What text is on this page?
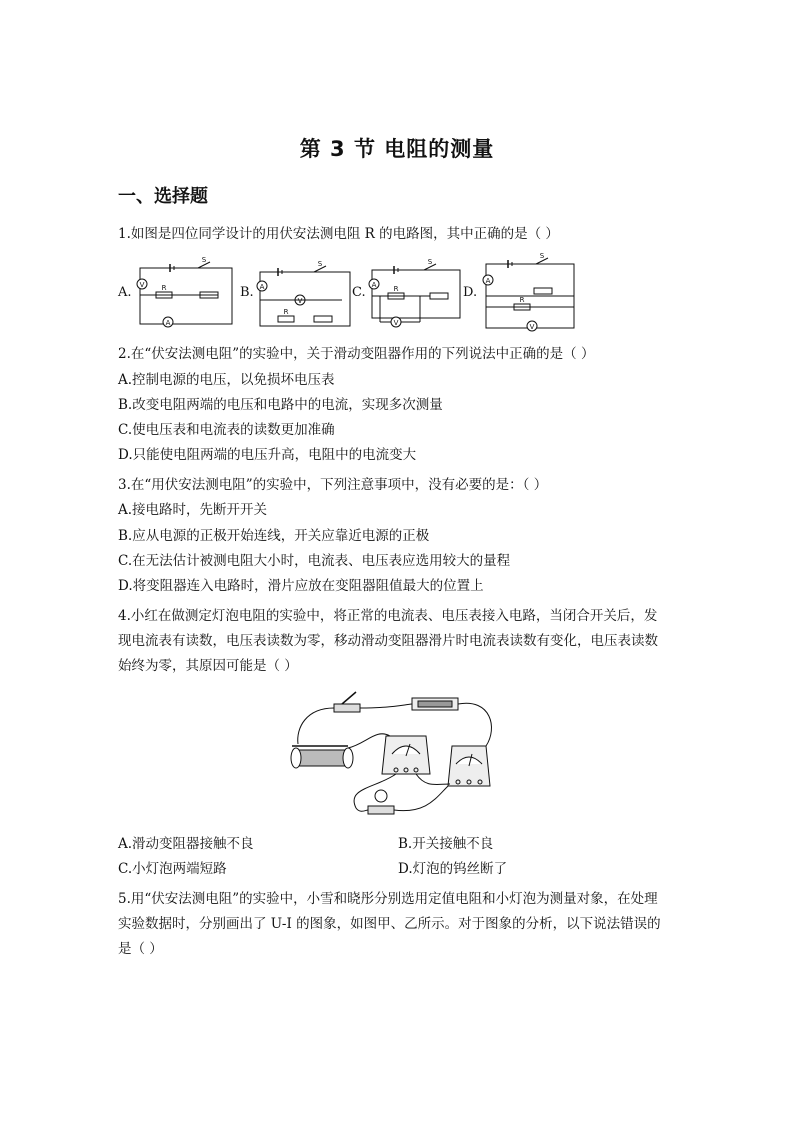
第 3 节 电阻的测量
一、选择题
1.如图是四位同学设计的用伏安法测电阻 R 的电路图，其中正确的是（ ）
A.	B.	C.	D.
V
A
S
R	A
V
S
R
A
V
S
R
A
V
S
R
2.在“伏安法测电阻”的实验中，关于滑动变阻器作用的下列说法中正确的是（ ）
A.控制电源的电压，以免损坏电压表
B.改变电阻两端的电压和电路中的电流，实现多次测量
C.使电压表和电流表的读数更加准确
D.只能使电阻两端的电压升高，电阻中的电流变大
3.在“用伏安法测电阻”的实验中，下列注意事项中，没有必要的是：（ ）
A.接电路时，先断开开关
B.应从电源的正极开始连线，开关应靠近电源的正极
C.在无法估计被测电阻大小时，电流表、电压表应选用较大的量程
D.将变阻器连入电路时，滑片应放在变阻器阻值最大的位置上
4.小红在做测定灯泡电阻的实验中，将正常的电流表、电压表接入电路，当闭合开关后，发
现电流表有读数，电压表读数为零，移动滑动变阻器滑片时电流表读数有变化，电压表读数
始终为零，其原因可能是（ ）
A.滑动变阻器接触不良	B.开关接触不良
C.小灯泡两端短路	D.灯泡的钨丝断了
5.用“伏安法测电阻”的实验中，小雪和晓彤分别选用定值电阻和小灯泡为测量对象，在处理
实验数据时，分别画出了 U-I 的图象，如图甲、乙所示。对于图象的分析，以下说法错误的
是（ ）
